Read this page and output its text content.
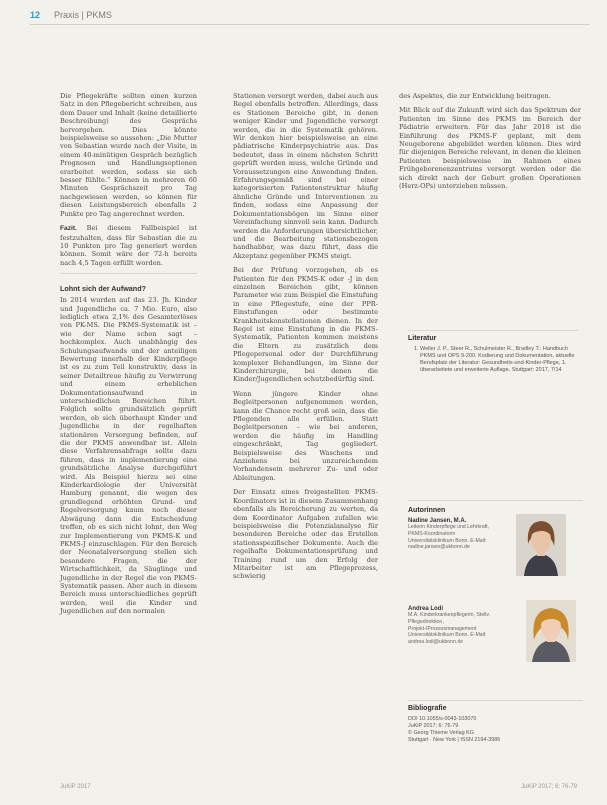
12 Praxis | PKMS

Die Pflegekräfte sollten einen kurzen Satz in den Pflegebericht schreiben, aus dem Dauer und Inhalt (keine detaillierte Beschreibung) des Gesprächs hervorgehen. Dies könnte beispielsweise so aussehen: „Die Mutter von Sebastian wurde nach der Visite, in einem 40-minütigen Gespräch bezüglich Prognosen und Handlungsoptionen erarbeitet werden, sodass sie sich besser fühlte.“ Können in mehreren 60 Minuten Gesprächszeit pro Tag nachgewiesen werden, so können für diesen Leistungsbereich ebenfalls 2 Punkte pro Tag angerechnet werden.

Fazit. Bei diesem Fallbeispiel ist festzuhalten, dass für Sebastian die zu 10 Punkten pro Tag generiert werden können. Somit wäre der 72-h bereits nach 4,5 Tagen erfüllt worden.

Lohnt sich der Aufwand?

In 2014 wurden auf das 23. Jh. Kinder und Jugendliche ca. 7 Mio. Euro, also lediglich etwa 2,1% des Gesamterlöses von PK-MS. Die PKMS-Systematik ist – wie der Name schon sagt – hochkomplex. Auch unabhängig des Schulungsaufwands und der anteiligen Bewertung innerhalb der Kinderpflege ist es zu zum Teil konstruktiv, dass in seiner Detailtreue häufig zu Verwirrung und einem erheblichen Dokumentationsaufwand in unterschiedlichen Bereichen führt. Folglich sollte grundsätzlich geprüft werden, ob sich überhaupt Kinder und Jugendliche in der regelhaften stationären Versorgung befinden, auf die der PKMS anwendbar ist. Allein diese Verfahrensabfrage sollte dazu führen, dass in implementierung eine grundsätzliche Analyse durchgeführt wird. Als Beispiel hierzu sei eine Kinderkardiologie der Universität Hamburg genannt, die wegen des grundlegend erhöhten Grund- und Regelversorgung kaum noch dieser Abwägung dann die Entscheidung treffen, ob es sich nicht lohnt, den Weg zur Implementierung von PKMS-K und PKMS-J einzuschlagen. Für den Bereich der Neonatalversorgung stellen sich besondere Fragen, die der Wirtschaftlichkeit, da Säuglinge und Jugendliche in der Regel die von PKMS-Systematik passen. Aber auch in diesem Bereich muss unterschiedliches geprüft werden, weil die Kinder und Jugendlichen auf den normalen

Stationen versorgt werden, dabei auch aus Regel ebenfalls betroffen. Allerdings, dass es Stationen Bereiche gibt, in denen weniger Kinder und Jugendliche versorgt werden, die in die Systematik gehören. Wir denken hier beispielsweise an eine pädiatrische Kinderpsychiatrie aus. Das bedeutet, dass in einem nächsten Schritt geprüft werden muss, welche Gründe und Voraussetzungen eine Anwendung finden. Erfahrungsgemäß sind bei einer kategorisierten Patientenstruktur häufig ähnliche Gründe und Interventionen zu finden, sodass eine Anpassung der Dokumentationsbögen im Sinne einer Vereinfachung sinnvoll sein kann. Dadurch werden die Anforderungen übersichtlicher, und die Bearbeitung stationsbezogen handhabbar, was dazu führt, dass die Akzeptanz gegenüber PKMS steigt.

Bei der Prüfung vorzugehen, ob es Patienten für den PKMS-K oder -J in den einzelnen Bereichen gibt, können Parameter wie zum Beispiel die Einstufung in eine Pflegestufe, eine der PPR-Einstufungen oder bestimmte Krankheitskonstellationen dienen. In der Regel ist eine Einstufung in die PKMS-Systematik, Patienten kommen meistens die Eltern zu zusätzlich dem Pflegepersonal oder der Durchführung komplexer Behandlungen, im Sinne der Kinderchirurgie, bei denen die Kinder/Jugendlichen schutzbedürftig sind.

Wenn jüngere Kinder ohne Begleitpersonen aufgenommen werden, kann die Chance recht groß sein, dass die Pflegenden alle erfüllen. Statt Begleitpersonen – wie bei anderen, werden die häufig im Handling eingeschränkt, Tag gegliedert. Beispielsweise des Waschens und Anziehens bei unzureichendem Vorhandensein mehrerer Zu- und oder Ableitungen.

Der Einsatz eines freigestellten PKMS-Koordinators ist in diesem Zusammenhang ebenfalls als Bereicherung zu werten, da dem Koordinator Aufgaben zufallen wie beispielsweise die Potenzialanalyse für besonderen Bereiche oder das Erstellen stationsspezifischer Dokumente. Auch die regelhafte Dokumentationsprüfung und Training rund um den Erfolg der Mitarbeiter ist am Pflegeprozess, schwierig

des Aspektes, die zur Entwicklung beitragen.

Mit Blick auf die Zukunft wird sich das Spektrum der Patienten im Sinne des PKMS im Bereich der Pädiatrie erweitern. Für das Jahr 2018 ist die Einführung des PKMS-F geplant, mit dem Neugeborene abgebildet werden können. Dies wird für diejenigen Bereiche relevant, in denen die kleinen Patienten beispielsweise im Rahmen eines Frühgeborenenzentrums versorgt werden oder die sich direkt nach der Geburt großen Operationen (Herz-OPs) unterziehen müssen.

Literatur
1. Weller J. P., Steer R., Schulmeister R., Bradley T.: Handbuch PKMS und OPS 9-200. Kodierung und Dokumentation, aktuelle Berufsplatz der Literatur: Gesundheits-und-Kinder-Pflege, 1. überarbeitete und erweiterte Auflage. Stuttgart: 2017, 7/14
Autorinnen
Nadine Jansen, M.A.
Leiterin Kinderpflege und Lehrkraft, PKMS-Koordinatorin Universitätsklinikum Bonn. E-Mail: nadine.jansen@ukbonn.de
Andrea Lodi
M.A. Kinderkrankenpflegerin, Stellv. Pflegedirektion, Projekt-/Prozessmanagement Universitätsklinikum Bonn. E-Mail: andrea.lodi@ukbonn.de
Bibliografie
DOI 10.1055/s-0043-103070
JuKiP 2017; 6: 76-79
© Georg Thieme Verlag KG
Stuttgart · New York | ISSN 2194-3986
JuKiP 2017	JuKiP 2017; 6: 76-79
